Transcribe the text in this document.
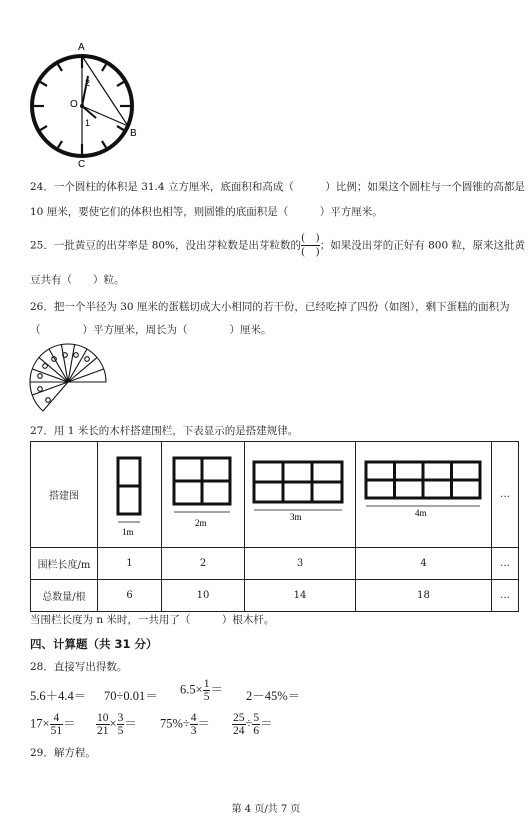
A
B
C
O
2
1
24．一个圆柱的体积是 31.4 立方厘米，底面积和高成（　　　）比例；如果这个圆柱与一个圆锥的高都是
10 厘米，要使它们的体积也相等，则圆锥的底面积是（　　　）平方厘米。
25．一批黄豆的出芽率是 80%，没出芽粒数是出芽粒数的 $\frac{( )}{( )}$；如果没出芽的正好有 800 粒，原来这批黄
豆共有（　　）粒。
26．把一个半径为 30 厘米的蛋糕切成大小相同的若干份，已经吃掉了四份（如图），剩下蛋糕的面积为
（　　　　）平方厘米，周长为（　　　　）厘米。
27．用 1 米长的木杆搭建围栏，下表显示的是搭建规律。
搭建图	1m	2m	3m	4m	…
围栏长度/m	1	2	3	4	…
总数量/根	6	10	14	18	…
当围栏长度为 n 米时，一共用了（　　　）根木杆。
四、计算题（共 31 分）
28．直接写出得数。
$5.6+4.4= 70\div 0.01= 6.5\times \frac{1}{5} = 2-45\%=$
$17\times \frac{4}{51} = \frac{10}{21} \times \frac{3}{5} = 75\%\div \frac{4}{3} = \frac{25}{24} \div \frac{5}{6}$ ＝
29．解方程。
第 4 页/共 7 页
